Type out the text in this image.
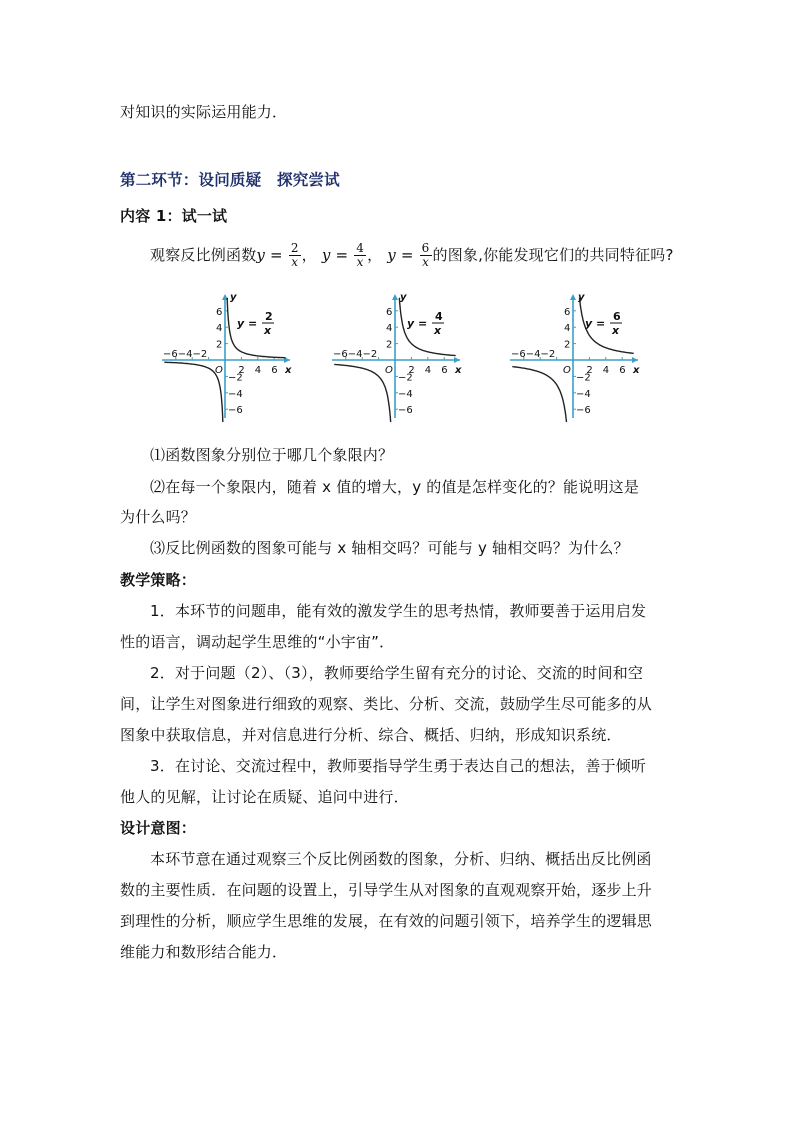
对知识的实际运用能力．
第二环节：设问质疑　探究尝试
内容 1：试一试
观察反比例函数$y = \frac{2}{x}$ ， $y = \frac{4}{x}$ ， $y = \frac{6}{x}$ 的图象,你能发现它们的共同特征吗?
6
4
2
−2
−4
−6
−6−4−2
2 4 6
O
y
x
y =
2
x
6
4
2
−2
−4
−6
−6−4−2
2 4 6
O
y
x
y =
4
x
6
4
2
−2
−4
−6
−6−4−2
2 4 6
O
y
x
y =
6
x
⑴函数图象分别位于哪几个象限内？
⑵在每一个象限内，随着 x 值的增大，y 的值是怎样变化的？能说明这是
为什么吗？
⑶反比例函数的图象可能与 x 轴相交吗？可能与 y 轴相交吗？为什么？
教学策略：
1．本环节的问题串，能有效的激发学生的思考热情，教师要善于运用启发
性的语言，调动起学生思维的“小宇宙”．
2．对于问题（2）、（3），教师要给学生留有充分的讨论、交流的时间和空
间，让学生对图象进行细致的观察、类比、分析、交流，鼓励学生尽可能多的从
图象中获取信息，并对信息进行分析、综合、概括、归纳，形成知识系统．
3．在讨论、交流过程中，教师要指导学生勇于表达自己的想法，善于倾听
他人的见解，让讨论在质疑、追问中进行．
设计意图：
本环节意在通过观察三个反比例函数的图象，分析、归纳、概括出反比例函
数的主要性质．在问题的设置上，引导学生从对图象的直观观察开始，逐步上升
到理性的分析，顺应学生思维的发展，在有效的问题引领下，培养学生的逻辑思
维能力和数形结合能力．
